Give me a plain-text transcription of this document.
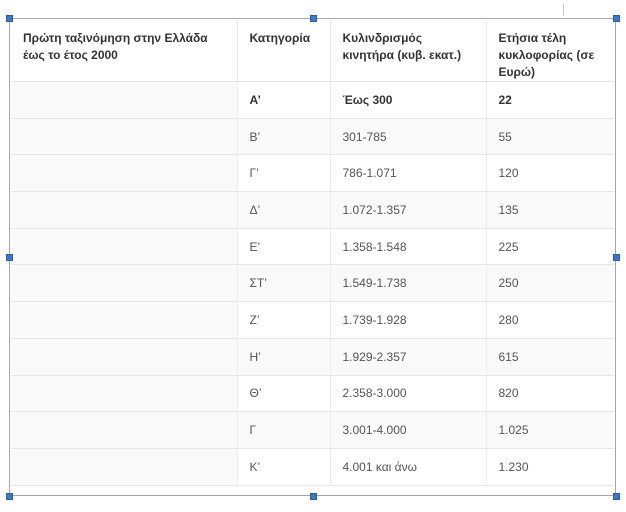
Πρώτη ταξινόμηση στην Ελλάδα έως το έτος 2000	Κατηγορία	Κυλινδρισμός κινητήρα (κυβ. εκατ.)	Ετήσια τέλη κυκλοφορίας (σε Ευρώ)
	Α’	Έως 300	22
	Β’	301-785	55
	Γ’	786-1.071	120
	Δ’	1.072-1.357	135
	Ε’	1.358-1.548	225
	ΣΤ’	1.549-1.738	250
	Ζ’	1.739-1.928	280
	Η’	1.929-2.357	615
	Θ’	2.358-3.000	820
	Γ	3.001-4.000	1.025
	Κ’	4.001 και άνω	1.230
